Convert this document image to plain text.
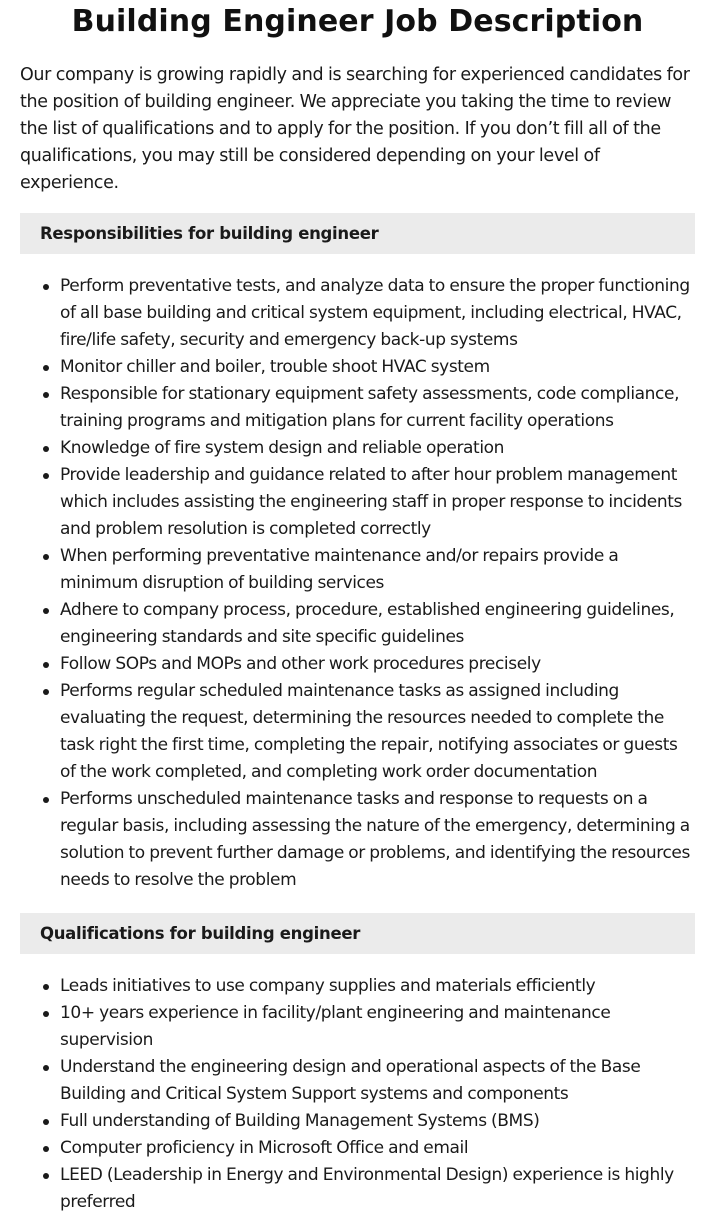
Building Engineer Job Description

Our company is growing rapidly and is searching for experienced candidates for the position of building engineer. We appreciate you taking the time to review the list of qualifications and to apply for the position. If you don’t fill all of the qualifications, you may still be considered depending on your level of experience.

Responsibilities for building engineer
Perform preventative tests, and analyze data to ensure the proper functioning of all base building and critical system equipment, including electrical, HVAC, fire/life safety, security and emergency back-up systems
Monitor chiller and boiler, trouble shoot HVAC system
Responsible for stationary equipment safety assessments, code compliance, training programs and mitigation plans for current facility operations
Knowledge of fire system design and reliable operation
Provide leadership and guidance related to after hour problem management which includes assisting the engineering staff in proper response to incidents and problem resolution is completed correctly
When performing preventative maintenance and/or repairs provide a minimum disruption of building services
Adhere to company process, procedure, established engineering guidelines, engineering standards and site specific guidelines
Follow SOPs and MOPs and other work procedures precisely
Performs regular scheduled maintenance tasks as assigned including evaluating the request, determining the resources needed to complete the task right the first time, completing the repair, notifying associates or guests of the work completed, and completing work order documentation
Performs unscheduled maintenance tasks and response to requests on a regular basis, including assessing the nature of the emergency, determining a solution to prevent further damage or problems, and identifying the resources needs to resolve the problem
Qualifications for building engineer
Leads initiatives to use company supplies and materials efficiently
10+ years experience in facility/plant engineering and maintenance supervision
Understand the engineering design and operational aspects of the Base Building and Critical System Support systems and components
Full understanding of Building Management Systems (BMS)
Computer proficiency in Microsoft Office and email
LEED (Leadership in Energy and Environmental Design) experience is highly preferred
